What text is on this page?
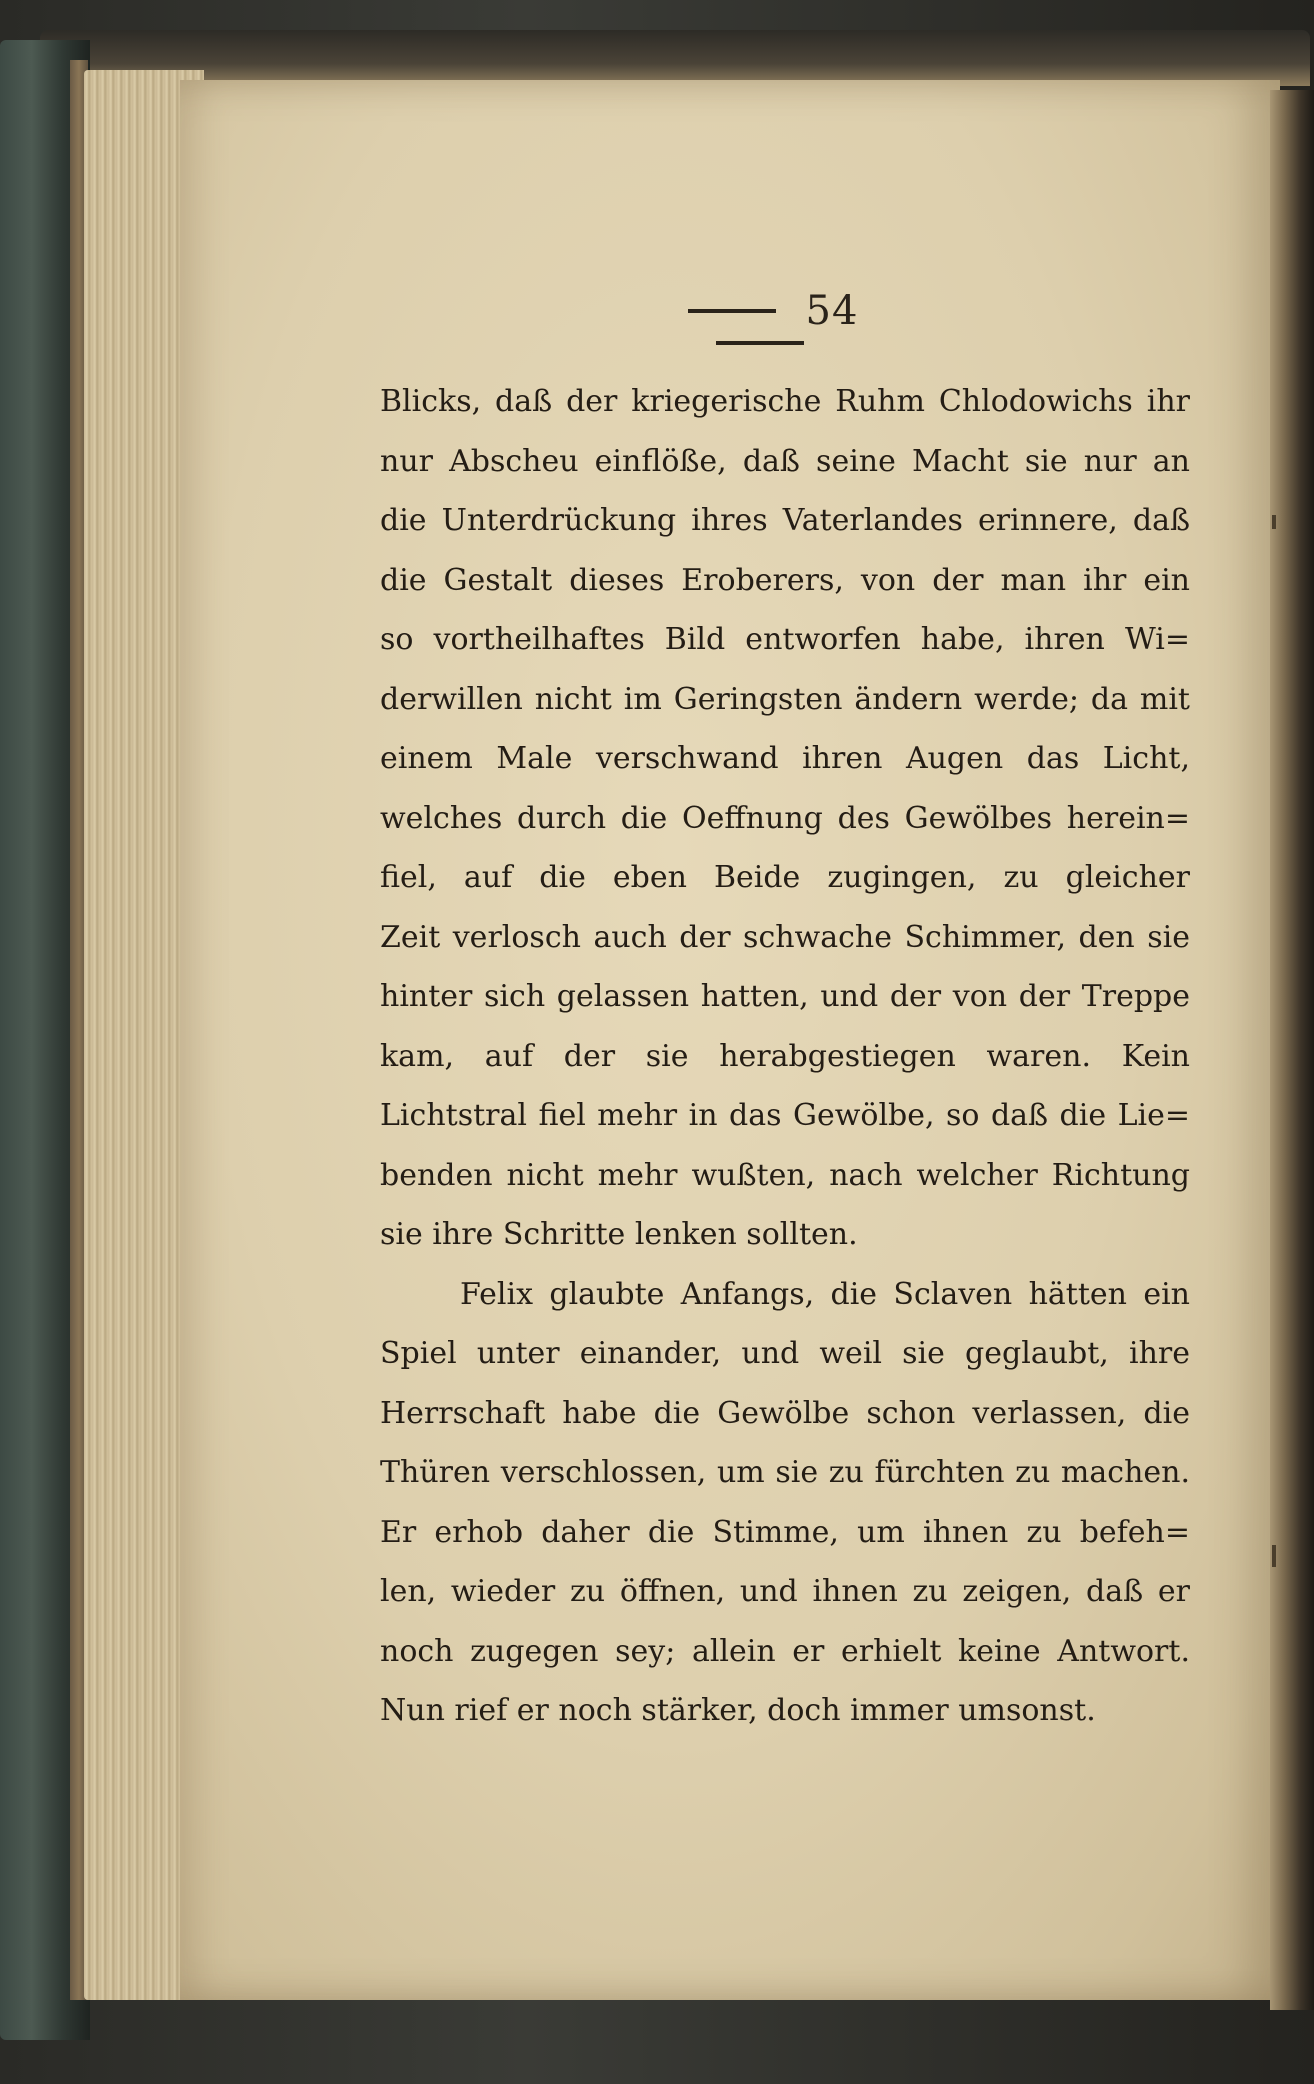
54
Blicks, daß der kriegerische Ruhm Chlodowichs ihr
nur Abscheu einflöße, daß seine Macht sie nur an
die Unterdrückung ihres Vaterlandes erinnere, daß
die Gestalt dieses Eroberers, von der man ihr ein
so vortheilhaftes Bild entworfen habe, ihren Wi=
derwillen nicht im Geringsten ändern werde; da mit
einem Male verschwand ihren Augen das Licht,
welches durch die Oeffnung des Gewölbes herein=
fiel, auf die eben Beide zugingen, zu gleicher
Zeit verlosch auch der schwache Schimmer, den sie
hinter sich gelassen hatten, und der von der Treppe
kam, auf der sie herabgestiegen waren. Kein
Lichtstral fiel mehr in das Gewölbe, so daß die Lie=
benden nicht mehr wußten, nach welcher Richtung
sie ihre Schritte lenken sollten.
Felix glaubte Anfangs, die Sclaven hätten ein
Spiel unter einander, und weil sie geglaubt, ihre
Herrschaft habe die Gewölbe schon verlassen, die
Thüren verschlossen, um sie zu fürchten zu machen.
Er erhob daher die Stimme, um ihnen zu befeh=
len, wieder zu öffnen, und ihnen zu zeigen, daß er
noch zugegen sey; allein er erhielt keine Antwort.
Nun rief er noch stärker, doch immer umsonst.
